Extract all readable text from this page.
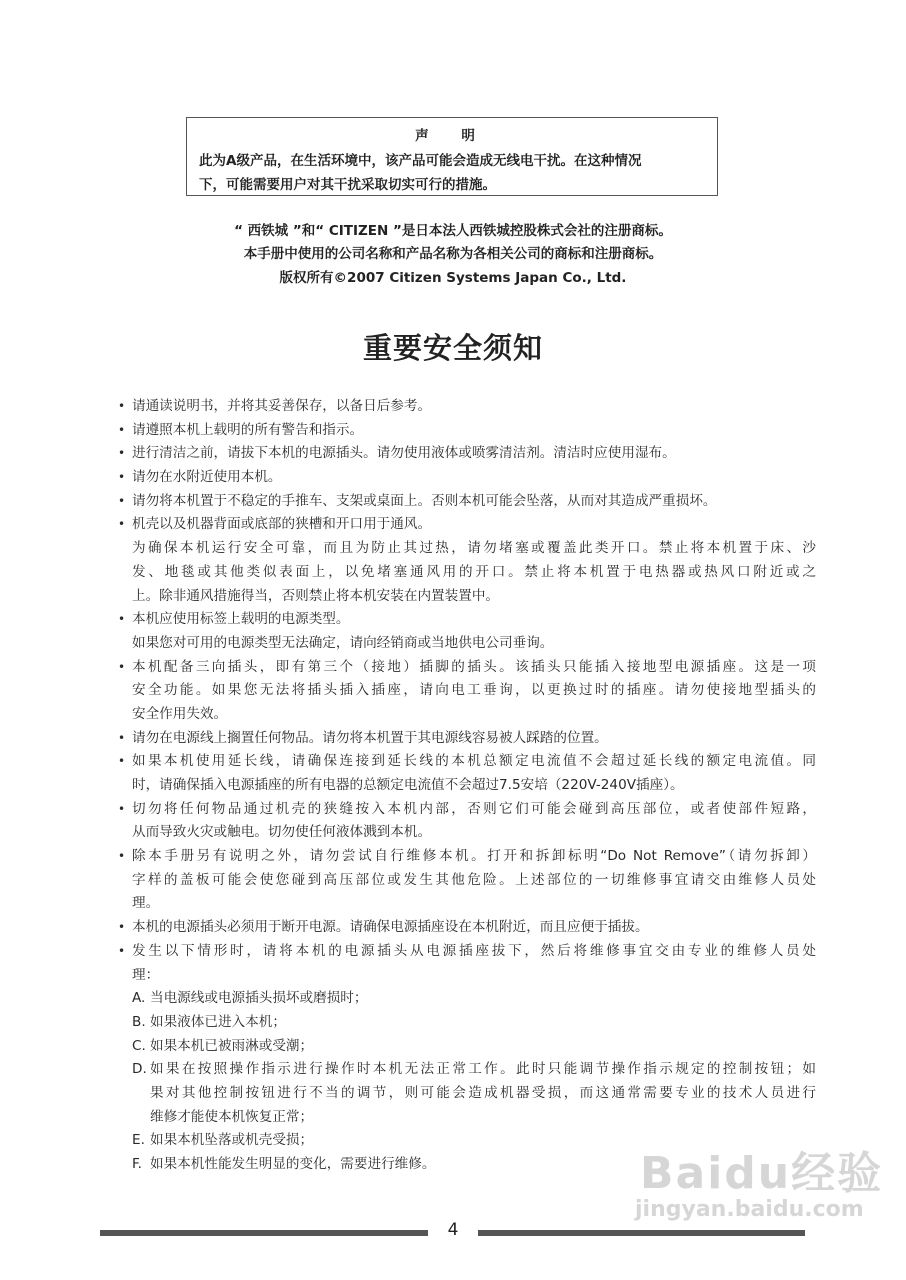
声 明
此为A级产品，在生活环境中，该产品可能会造成无线电干扰。在这种情况
下，可能需要用户对其干扰采取切实可行的措施。
“ 西铁城 ”和“ CITIZEN ”是日本法人西铁城控股株式会社的注册商标。
本手册中使用的公司名称和产品名称为各相关公司的商标和注册商标。
版权所有©2007 Citizen Systems Japan Co., Ltd.
重要安全须知
• 请通读说明书，并将其妥善保存，以备日后参考。
• 请遵照本机上载明的所有警告和指示。
• 进行清洁之前，请拔下本机的电源插头。请勿使用液体或喷雾清洁剂。清洁时应使用湿布。
• 请勿在水附近使用本机。
• 请勿将本机置于不稳定的手推车、支架或桌面上。否则本机可能会坠落，从而对其造成严重损坏。
• 机壳以及机器背面或底部的狭槽和开口用于通风。
为确保本机运行安全可靠，而且为防止其过热，请勿堵塞或覆盖此类开口。禁止将本机置于床、沙
发、地毯或其他类似表面上，以免堵塞通风用的开口。禁止将本机置于电热器或热风口附近或之
上。除非通风措施得当，否则禁止将本机安装在内置装置中。
• 本机应使用标签上载明的电源类型。
如果您对可用的电源类型无法确定，请向经销商或当地供电公司垂询。
• 本机配备三向插头，即有第三个（接地）插脚的插头。该插头只能插入接地型电源插座。这是一项
安全功能。如果您无法将插头插入插座，请向电工垂询，以更换过时的插座。请勿使接地型插头的
安全作用失效。
• 请勿在电源线上搁置任何物品。请勿将本机置于其电源线容易被人踩踏的位置。
• 如果本机使用延长线，请确保连接到延长线的本机总额定电流值不会超过延长线的额定电流值。同
时，请确保插入电源插座的所有电器的总额定电流值不会超过7.5安培（220V-240V插座）。
• 切勿将任何物品通过机壳的狭缝按入本机内部，否则它们可能会碰到高压部位，或者使部件短路，
从而导致火灾或触电。切勿使任何液体溅到本机。
• 除本手册另有说明之外，请勿尝试自行维修本机。打开和拆卸标明“Do Not Remove”（请勿拆卸）
字样的盖板可能会使您碰到高压部位或发生其他危险。上述部位的一切维修事宜请交由维修人员处
理。
• 本机的电源插头必须用于断开电源。请确保电源插座设在本机附近，而且应便于插拔。
• 发生以下情形时，请将本机的电源插头从电源插座拔下，然后将维修事宜交由专业的维修人员处
理：
A. 当电源线或电源插头损坏或磨损时；
B. 如果液体已进入本机；
C. 如果本机已被雨淋或受潮；
D. 如果在按照操作指示进行操作时本机无法正常工作。此时只能调节操作指示规定的控制按钮；如
果对其他控制按钮进行不当的调节，则可能会造成机器受损，而这通常需要专业的技术人员进行
维修才能使本机恢复正常；
E. 如果本机坠落或机壳受损；
F. 如果本机性能发生明显的变化，需要进行维修。
4
Baidu经验
jingyan.baidu.com
